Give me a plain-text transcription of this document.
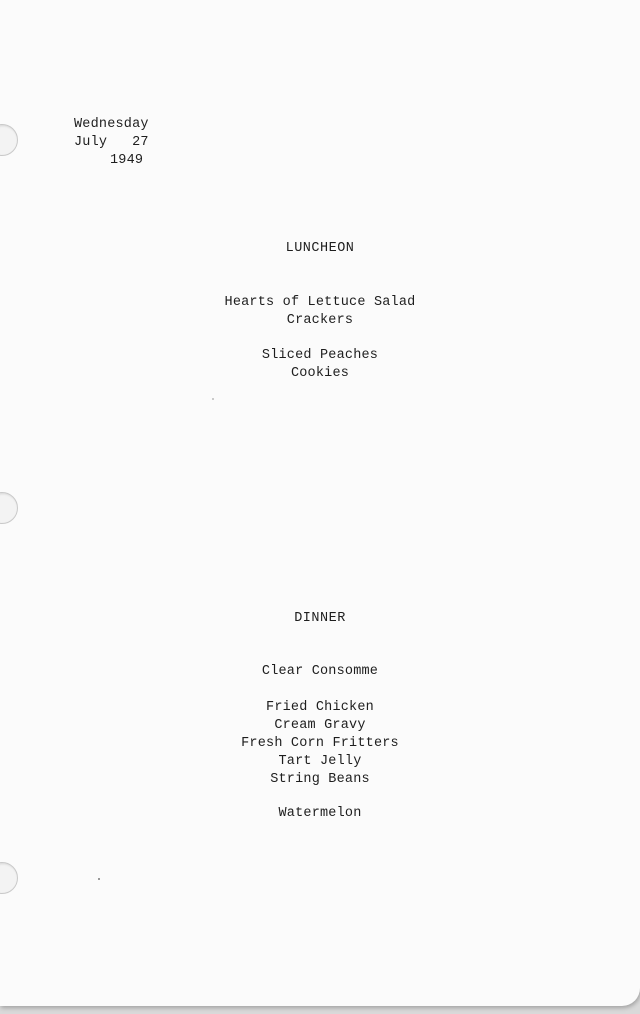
Wednesday
July   27
1949
LUNCHEON
Hearts of Lettuce Salad
Crackers
Sliced Peaches
Cookies
DINNER
Clear Consomme
Fried Chicken
Cream Gravy
Fresh Corn Fritters
Tart Jelly
String Beans
Watermelon
